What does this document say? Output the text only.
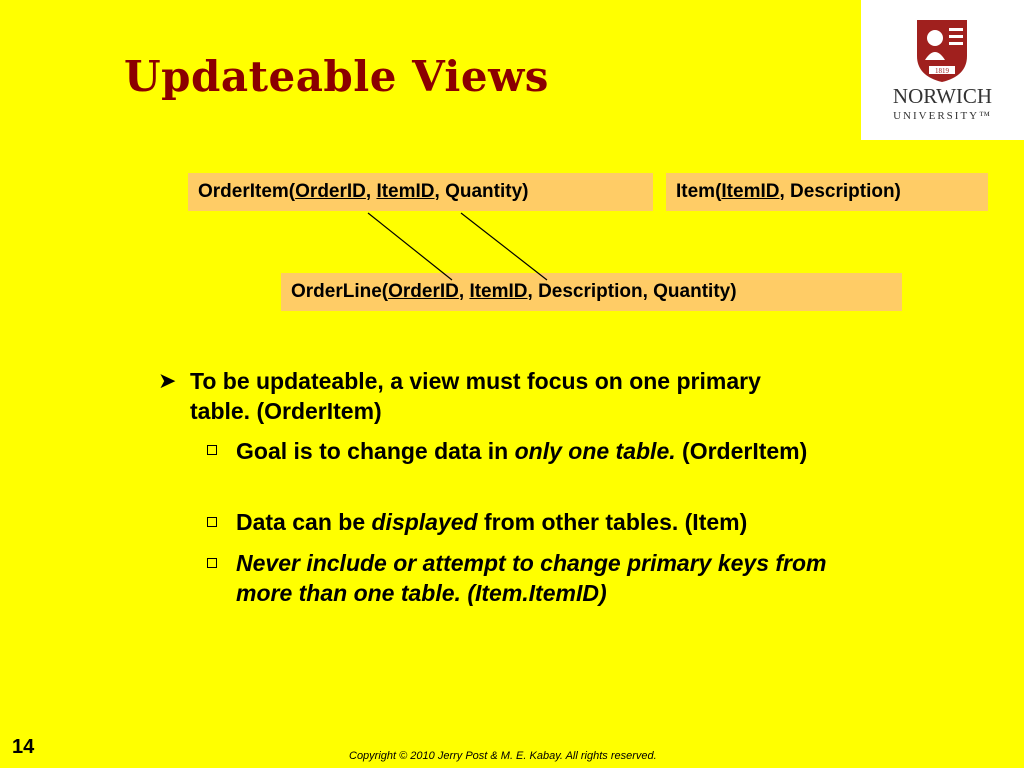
Updateable Views	1819
NORWICH
UNIVERSITY™
OrderItem(OrderID, ItemID, Quantity)	Item(ItemID, Description)
OrderLine(OrderID, ItemID, Description, Quantity)
➤ To be updateable, a view must focus on one primary table. (OrderItem)
Goal is to change data in only one table. (OrderItem)
Data can be displayed from other tables. (Item)
Never include or attempt to change primary keys from more than one table. (Item.ItemID)
14	Copyright © 2010 Jerry Post & M. E. Kabay. All rights reserved.
